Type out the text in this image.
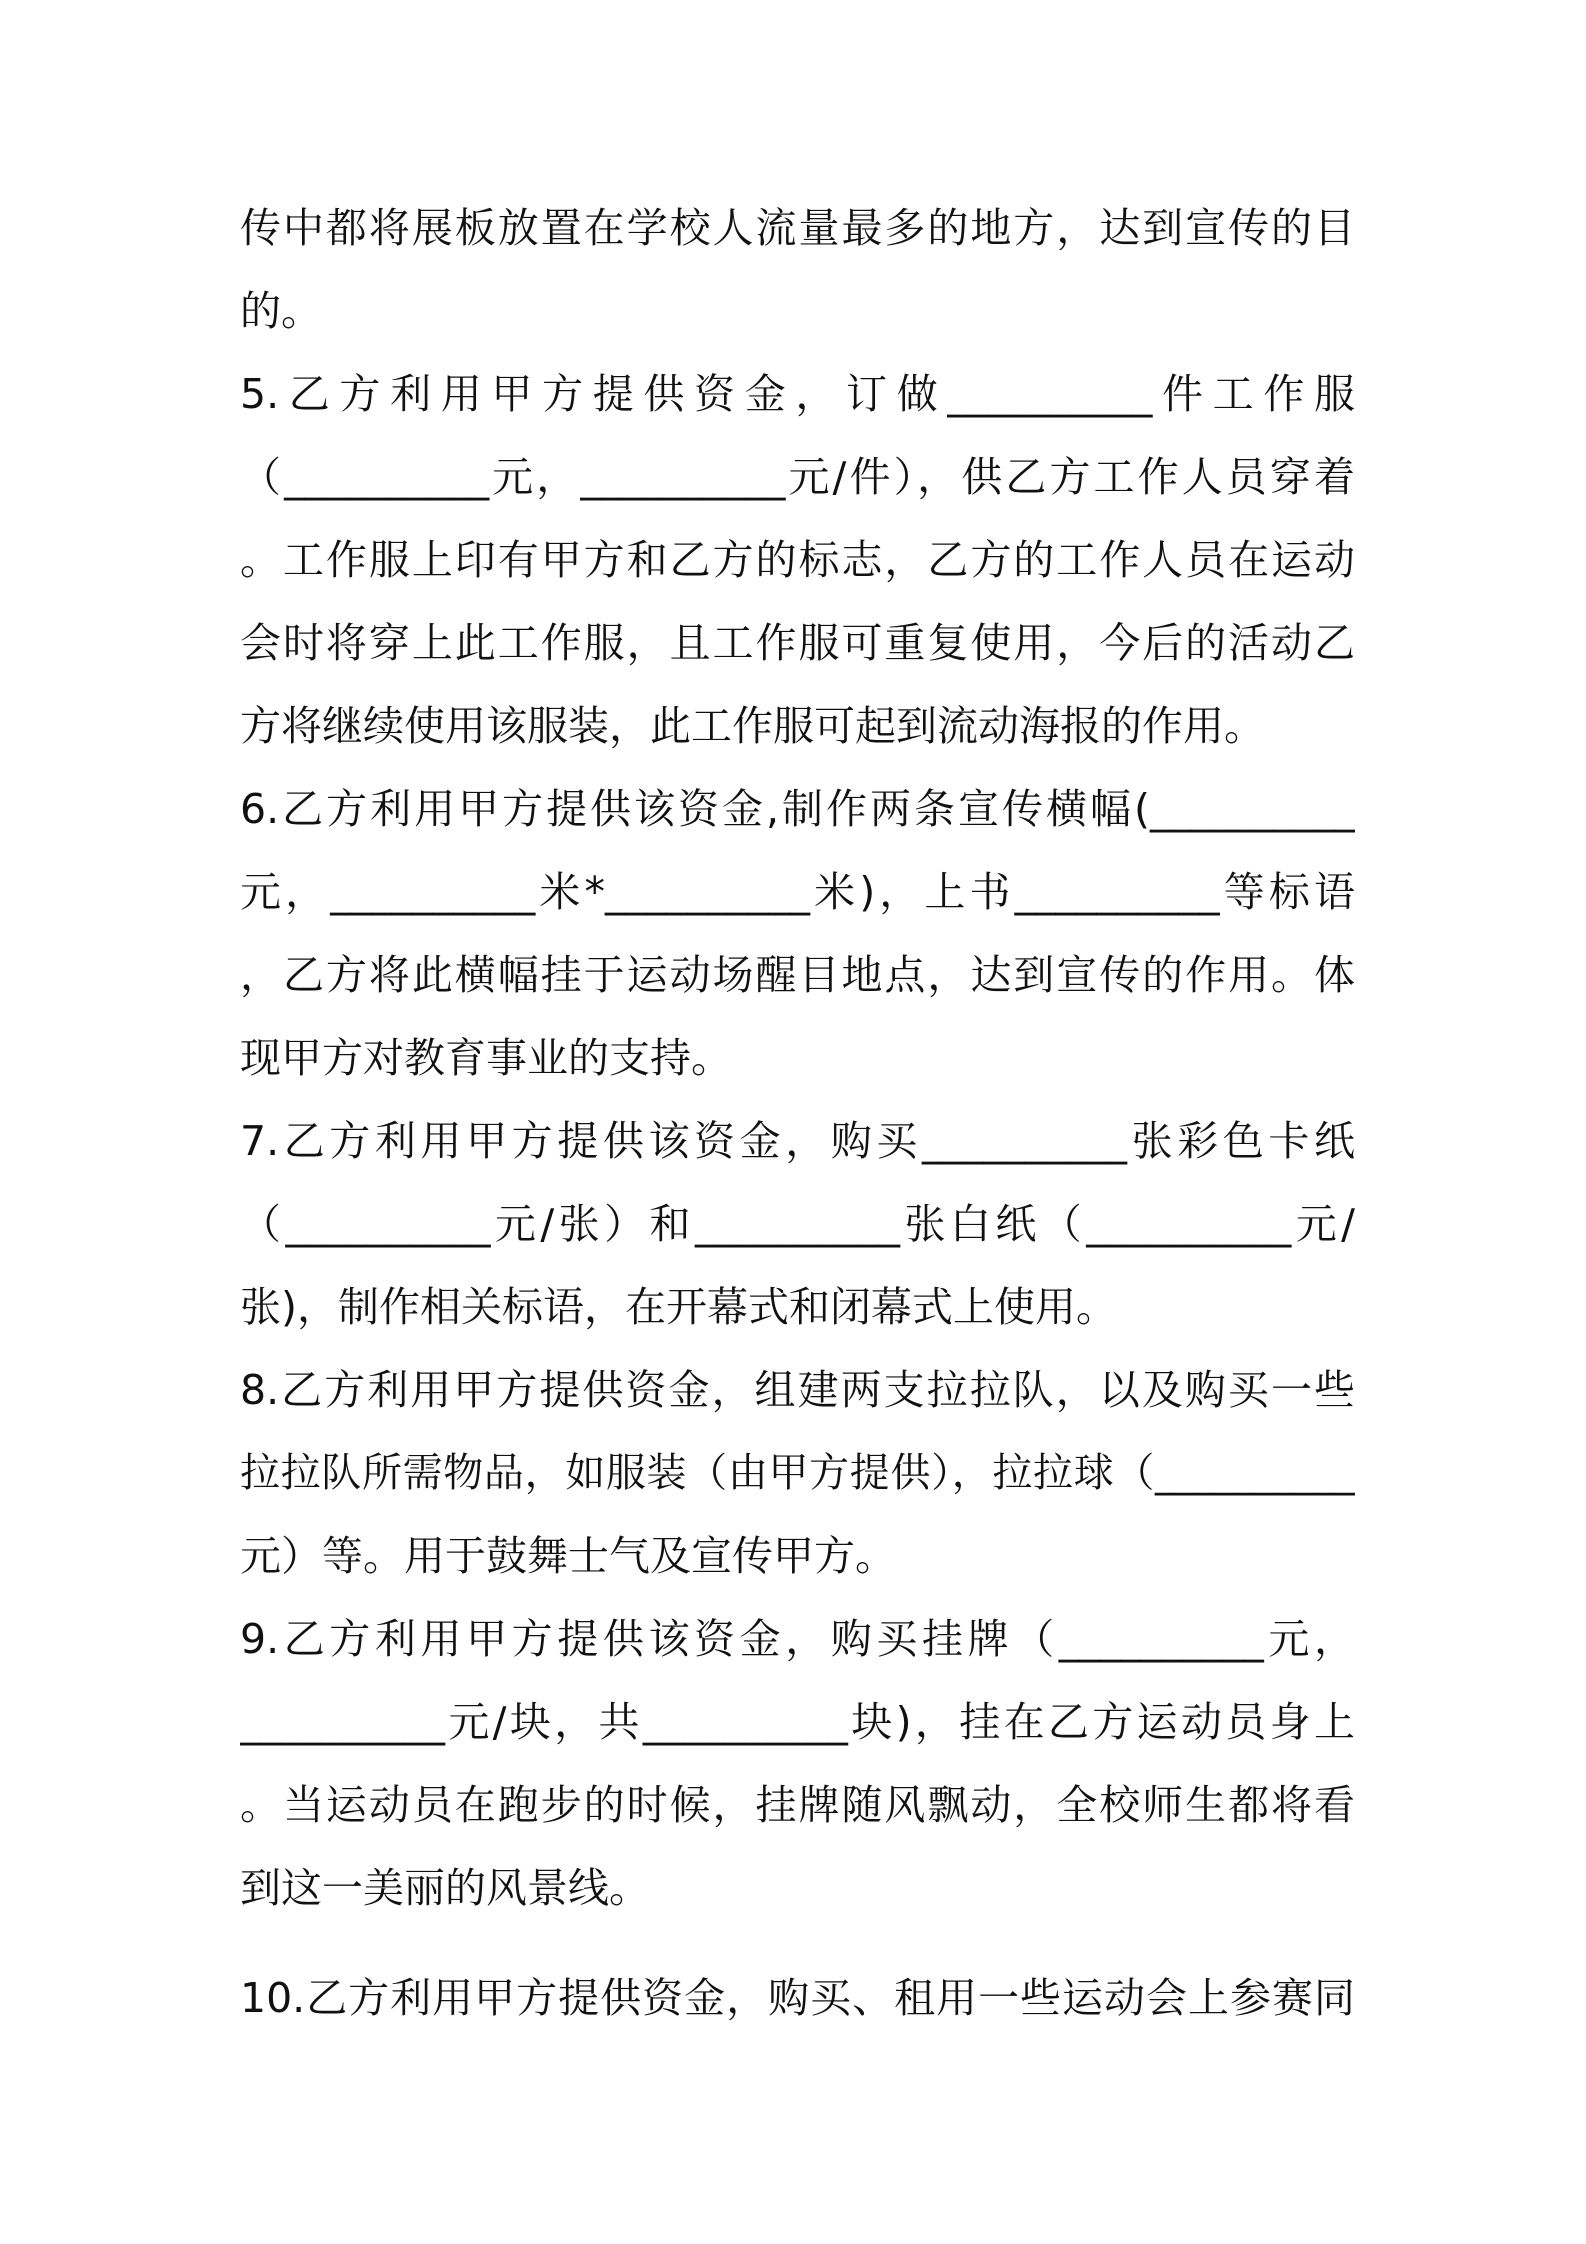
传中都将展板放置在学校人流量最多的地方，达到宣传的目
的。
5.乙方利用甲方提供资金，订做__________件工作服
（__________元，__________元/件），供乙方工作人员穿着
。工作服上印有甲方和乙方的标志，乙方的工作人员在运动
会时将穿上此工作服，且工作服可重复使用，今后的活动乙
方将继续使用该服装，此工作服可起到流动海报的作用。
6.乙方利用甲方提供该资金,制作两条宣传横幅(__________
元，__________米*__________米)，上书__________等标语
，乙方将此横幅挂于运动场醒目地点，达到宣传的作用。体
现甲方对教育事业的支持。
7.乙方利用甲方提供该资金，购买__________张彩色卡纸
（__________元/张）和__________张白纸（__________元/
张)，制作相关标语，在开幕式和闭幕式上使用。
8.乙方利用甲方提供资金，组建两支拉拉队，以及购买一些
拉拉队所需物品，如服装（由甲方提供），拉拉球（__________
元）等。用于鼓舞士气及宣传甲方。
9.乙方利用甲方提供该资金，购买挂牌（__________元，
__________元/块，共__________块)，挂在乙方运动员身上
。当运动员在跑步的时候，挂牌随风飘动，全校师生都将看
到这一美丽的风景线。
10.乙方利用甲方提供资金，购买、租用一些运动会上参赛同
